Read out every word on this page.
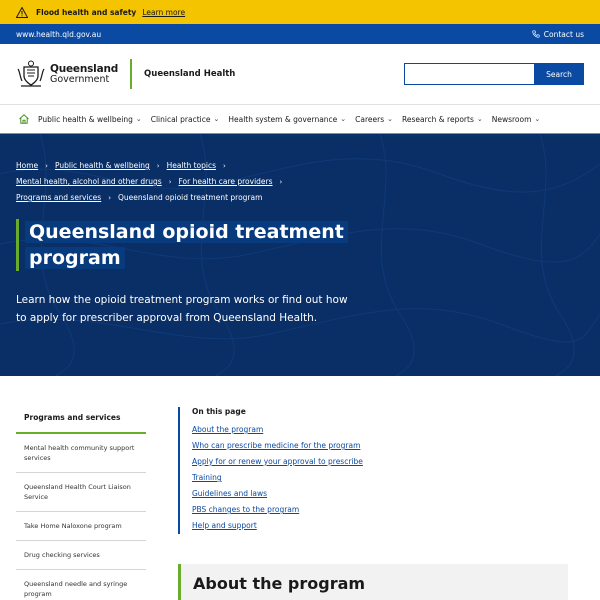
Flood health and safety Learn more
www.health.qld.gov.au	Contact us
Queensland
Government	Queensland Health	Search
Public health & wellbeing ⌄ Clinical practice ⌄ Health system & governance ⌄ Careers ⌄ Research & reports ⌄ Newsroom ⌄
Home › Public health & wellbeing › Health topics ›
Mental health, alcohol and other drugs › For health care providers ›
Programs and services › Queensland opioid treatment program
Queensland opioid treatment
program

Learn how the opioid treatment program works or find out how to apply for prescriber approval from Queensland Health.

Programs and services
Mental health community support services
Queensland Health Court Liaison Service
Take Home Naloxone program
Drug checking services
Queensland needle and syringe program
On this page
About the program
Who can prescribe medicine for the program
Apply for or renew your approval to prescribe
Training
Guidelines and laws
PBS changes to the program
Help and support
About the program
